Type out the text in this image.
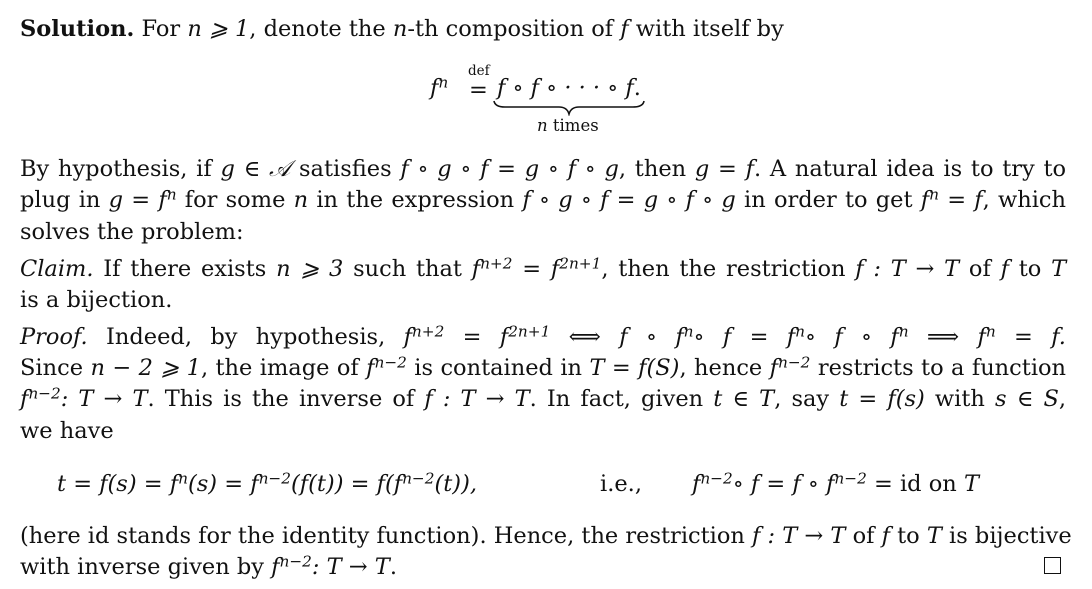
Solution. For n ⩾ 1, denote the n-th composition of f with itself by
$f^n$
def
= f ∘ f ∘ · · · ∘ f.
n times
By hypothesis, if g ∈ 𝒜 satisfies f ∘ g ∘ f = g ∘ f ∘ g, then g = f. A natural idea is to try to
plug in $g = f^n$ for some n in the expression f ∘ g ∘ f = g ∘ f ∘ g in order to get $f^n = f$, which
solves the problem:
Claim. If there exists n ⩾ 3 such that $f^{n+2} = f^{2n+1}$, then the restriction f : T → T of f to T
is a bijection.
Proof. Indeed, by hypothesis, $f^{n+2} = f^{2n+1}$ ⟺ f ∘ $f^n\circ$ $f = f^n\circ$ f ∘ $f^n$ ⟹ $f^n = f$.
Since n − 2 ⩾ 1, the image of $f^{n-2}$ is contained in T = f(S), hence $f^{n-2}$ restricts to a function
$f^{n-2}$: T → T. This is the inverse of f : T → T. In fact, given t ∈ T, say t = f(s) with s ∈ S,
we have
$t = f(s) = f^n(s) = f^{n-2}(f(t)) = f(f^{n-2}(t))$,	i.e., $f^{n-2}\circ$ f = f ∘ $f^{n-2}$ = id on T
(here id stands for the identity function). Hence, the restriction f : T → T of f to T is bijective
with inverse given by $f^{n-2}$: T → T.
